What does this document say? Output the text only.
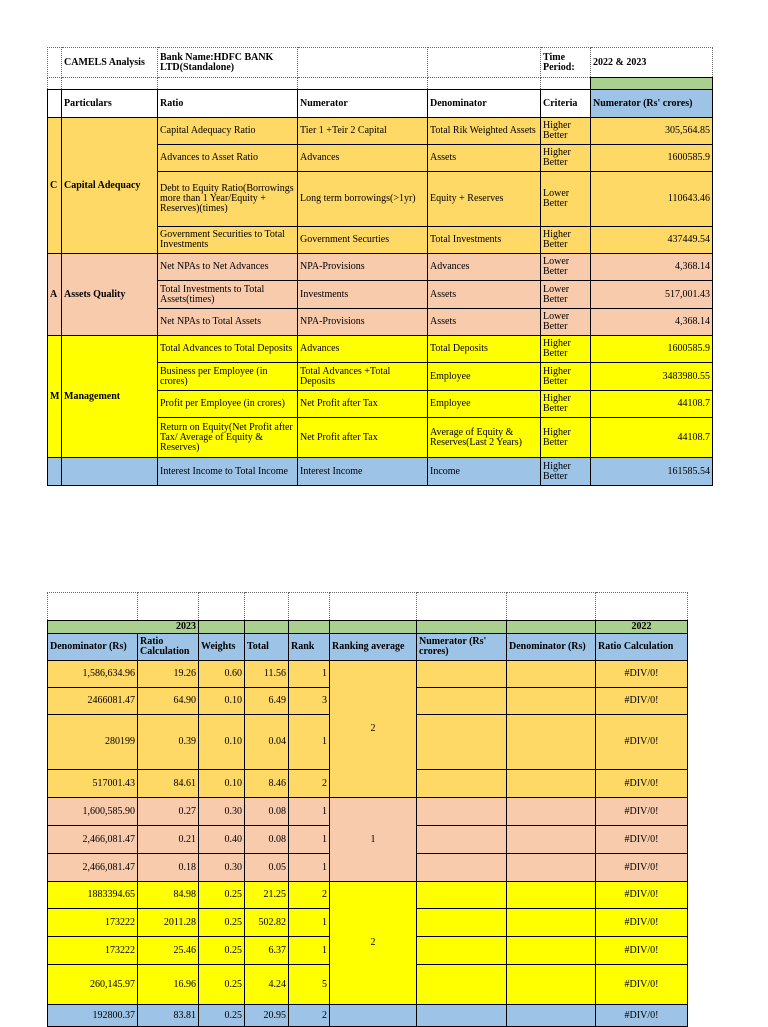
	CAMELS Analysis	Bank Name:HDFC BANK LTD(Standalone)			Time Period:	2022 & 2023

	Particulars	Ratio	Numerator	Denominator	Criteria	Numerator (Rs' crores)
C	Capital Adequacy	Capital Adequacy Ratio	Tier 1 +Teir 2 Capital	Total Rik Weighted Assets	Higher Better	305,564.85
		Advances to Asset Ratio	Advances	Assets	Higher Better	1600585.9
		Debt to Equity Ratio(Borrowings more than 1 Year/Equity + Reserves)(times)	Long term borrowings(>1yr)	Equity + Reserves	Lower Better	110643.46
		Government Securities to Total Investments	Government Securties	Total Investments	Higher Better	437449.54
A	Assets Quality	Net NPAs to Net Advances	NPA-Provisions	Advances	Lower Better	4,368.14
		Total Investments to Total Assets(times)	Investments	Assets	Lower Better	517,001.43
		Net NPAs to Total Assets	NPA-Provisions	Assets	Lower Better	4,368.14
M	Management	Total Advances to Total Deposits	Advances	Total Deposits	Higher Better	1600585.9
		Business per Employee (in crores)	Total Advances +Total Deposits	Employee	Higher Better	3483980.55
		Profit per Employee (in crores)	Net Profit after Tax	Employee	Higher Better	44108.7
		Return on Equity(Net Profit after Tax/ Average of Equity & Reserves)	Net Profit after Tax	Average of Equity & Reserves(Last 2 Years)	Higher Better	44108.7
		Interest Income to Total Income	Interest Income	Income	Higher Better	161585.54

2023								2022
Denominator (Rs)	Ratio Calculation	Weights	Total	Rank	Ranking average	Numerator (Rs' crores)	Denominator (Rs)	Ratio Calculation
1,586,634.96	19.26	0.60	11.56	1	2			#DIV/0!
2466081.47	64.90	0.10	6.49	3				#DIV/0!
280199	0.39	0.10	0.04	1				#DIV/0!
517001.43	84.61	0.10	8.46	2				#DIV/0!
1,600,585.90	0.27	0.30	0.08	1	1			#DIV/0!
2,466,081.47	0.21	0.40	0.08	1				#DIV/0!
2,466,081.47	0.18	0.30	0.05	1				#DIV/0!
1883394.65	84.98	0.25	21.25	2	2			#DIV/0!
173222	2011.28	0.25	502.82	1				#DIV/0!
173222	25.46	0.25	6.37	1				#DIV/0!
260,145.97	16.96	0.25	4.24	5				#DIV/0!
192800.37	83.81	0.25	20.95	2				#DIV/0!
